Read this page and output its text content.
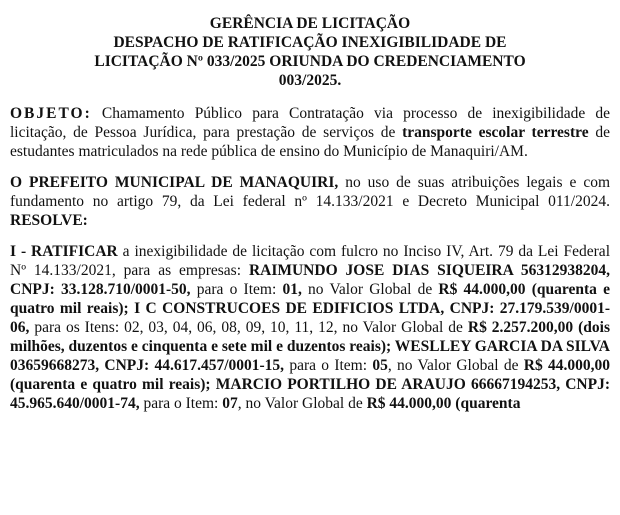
GERÊNCIA DE LICITAÇÃO
DESPACHO DE RATIFICAÇÃO INEXIGIBILIDADE DE
LICITAÇÃO Nº 033/2025 ORIUNDA DO CREDENCIAMENTO
003/2025.

OBJETO: Chamamento Público para Contratação via processo de inexigibilidade de licitação, de Pessoa Jurídica, para prestação de serviços de transporte escolar terrestre de estudantes matriculados na rede pública de ensino do Município de Manaquiri/AM.

O PREFEITO MUNICIPAL DE MANAQUIRI, no uso de suas atribuições legais e com fundamento no artigo 79, da Lei federal nº 14.133/2021 e Decreto Municipal 011/2024. RESOLVE:

I - RATIFICAR a inexigibilidade de licitação com fulcro no Inciso IV, Art. 79 da Lei Federal Nº 14.133/2021, para as empresas: RAIMUNDO JOSE DIAS SIQUEIRA 56312938204, CNPJ: 33.128.710/0001-50, para o Item: 01, no Valor Global de R$ 44.000,00 (quarenta e quatro mil reais); I C CONSTRUCOES DE EDIFICIOS LTDA, CNPJ: 27.179.539/0001-06, para os Itens: 02, 03, 04, 06, 08, 09, 10, 11, 12, no Valor Global de R$ 2.257.200,00 (dois milhões, duzentos e cinquenta e sete mil e duzentos reais); WESLLEY GARCIA DA SILVA 03659668273, CNPJ: 44.617.457/0001-15, para o Item: 05, no Valor Global de R$ 44.000,00 (quarenta e quatro mil reais); MARCIO PORTILHO DE ARAUJO 66667194253, CNPJ: 45.965.640/0001-74, para o Item: 07, no Valor Global de R$ 44.000,00 (quarenta
